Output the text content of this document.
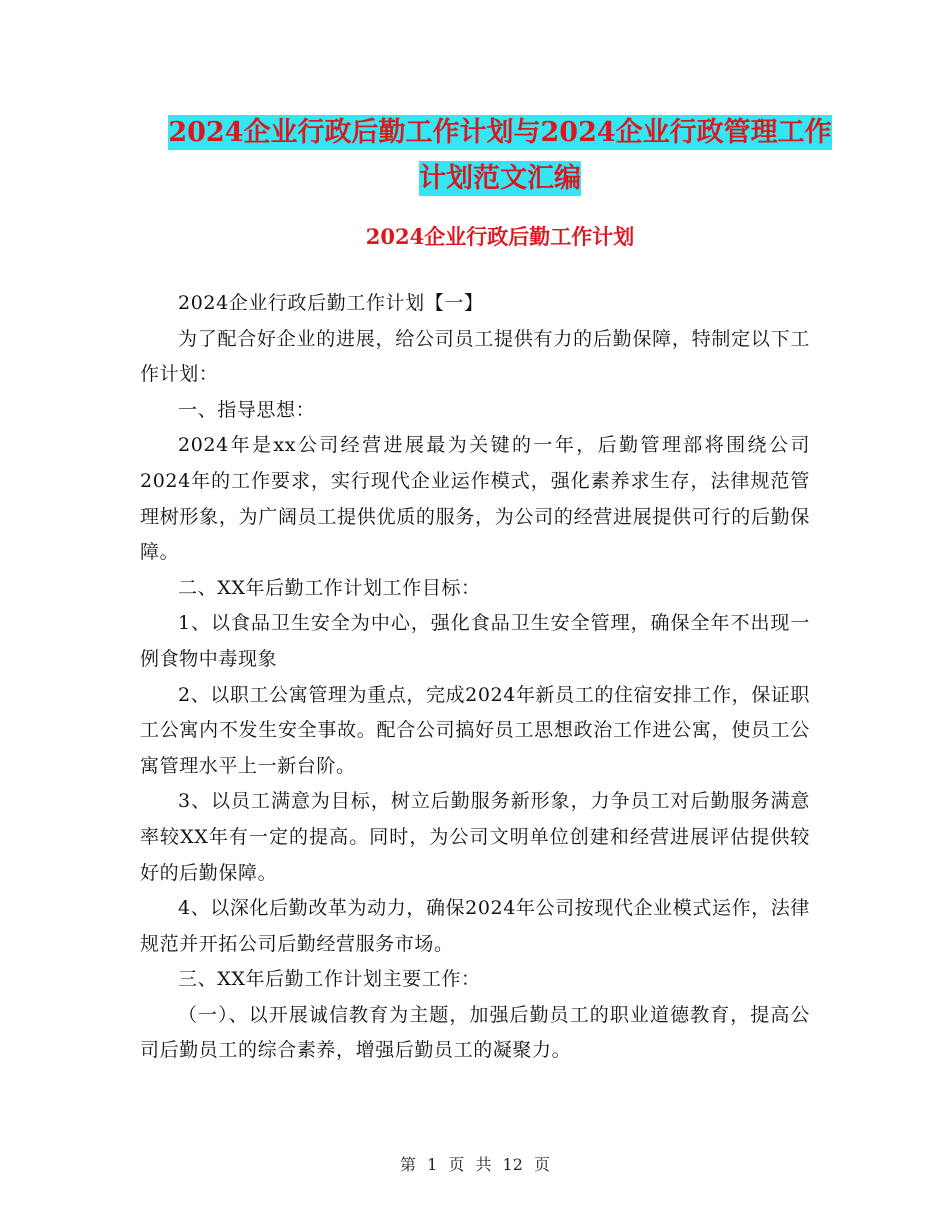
2024企业行政后勤工作计划与2024企业行政管理工作
计划范文汇编
2024企业行政后勤工作计划

2024企业行政后勤工作计划【一】

为了配合好企业的进展，给公司员工提供有力的后勤保障，特制定以下工作计划：

一、指导思想：

2024年是xx公司经营进展最为关键的一年，后勤管理部将围绕公司2024年的工作要求，实行现代企业运作模式，强化素养求生存，法律规范管理树形象，为广阔员工提供优质的服务，为公司的经营进展提供可行的后勤保障。

二、XX年后勤工作计划工作目标：

1、以食品卫生安全为中心，强化食品卫生安全管理，确保全年不出现一例食物中毒现象

2、以职工公寓管理为重点，完成2024年新员工的住宿安排工作，保证职工公寓内不发生安全事故。配合公司搞好员工思想政治工作进公寓，使员工公寓管理水平上一新台阶。

3、以员工满意为目标，树立后勤服务新形象，力争员工对后勤服务满意率较XX年有一定的提高。同时，为公司文明单位创建和经营进展评估提供较好的后勤保障。

4、以深化后勤改革为动力，确保2024年公司按现代企业模式运作，法律规范并开拓公司后勤经营服务市场。

三、XX年后勤工作计划主要工作：

（一）、以开展诚信教育为主题，加强后勤员工的职业道德教育，提高公司后勤员工的综合素养，增强后勤员工的凝聚力。

第 1 页 共 12 页
